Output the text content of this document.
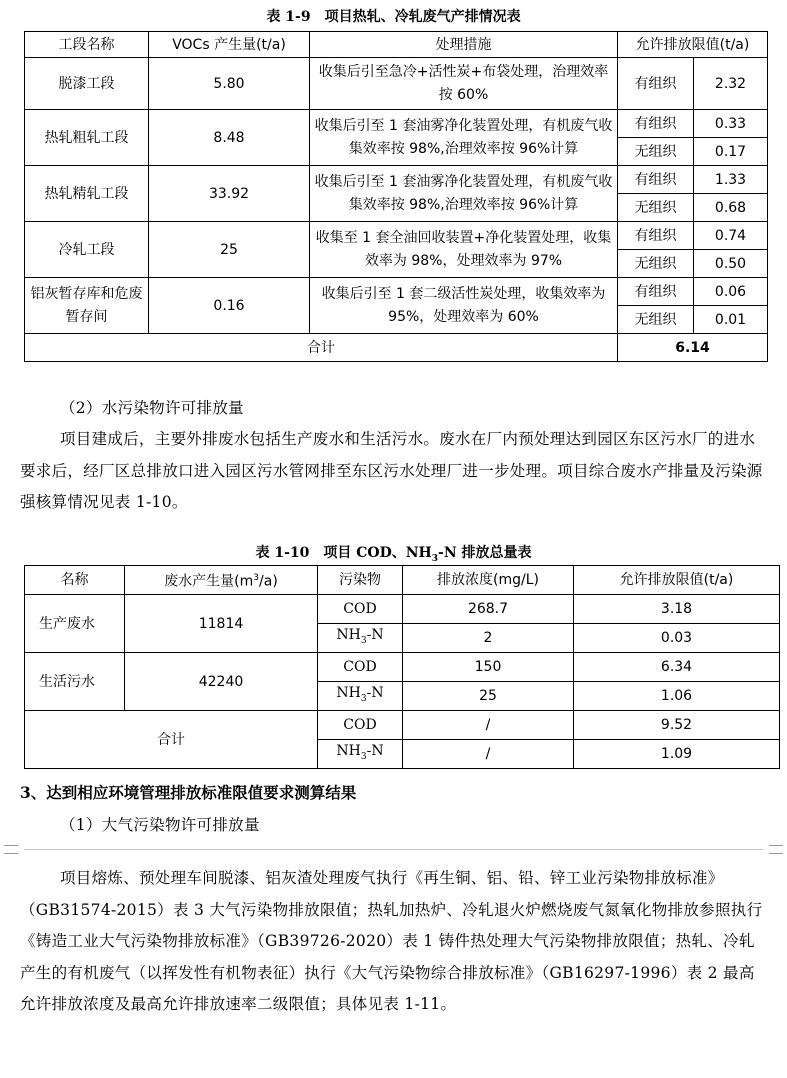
表 1-9　项目热轧、冷轧废气产排情况表
工段名称	VOCs 产生量(t/a)	处理措施	允许排放限值(t/a)	
脱漆工段	5.80	收集后引至急冷+活性炭+布袋处理，治理效率按 60%	有组织	2.32
热轧粗轧工段	8.48	收集后引至 1 套油雾净化装置处理，有机废气收集效率按 98%,治理效率按 96%计算	有组织	0.33
			无组织	0.17
热轧精轧工段	33.92	收集后引至 1 套油雾净化装置处理，有机废气收集效率按 98%,治理效率按 96%计算	有组织	1.33
			无组织	0.68
冷轧工段	25	收集至 1 套全油回收装置+净化装置处理，收集效率为 98%，处理效率为 97%	有组织	0.74
			无组织	0.50
铝灰暂存库和危废暂存间	0.16	收集后引至 1 套二级活性炭处理，收集效率为 95%，处理效率为 60%	有组织	0.06
			无组织	0.01
合计			6.14	
（2）水污染物许可排放量
项目建成后，主要外排废水包括生产废水和生活污水。废水在厂内预处理达到园区东区污水厂的进水要求后，经厂区总排放口进入园区污水管网排至东区污水处理厂进一步处理。项目综合废水产排量及污染源强核算情况见表 1-10。
表 1-10　项目 COD、$NH_3-N$ 排放总量表
名称	废水产生量$(m^3/a)$	污染物	排放浓度(mg/L)	允许排放限值(t/a)
生产废水	11814	COD	268.7	3.18
		$NH_3-N$	2	0.03
生活污水	42240	COD	150	6.34
		$NH_3-N$	25	1.06
合计		COD	/	9.52
		$NH_3-N$	/	1.09
3、达到相应环境管理排放标准限值要求测算结果
（1）大气污染物许可排放量
项目熔炼、预处理车间脱漆、铝灰渣处理废气执行《再生铜、铝、铅、锌工业污染物排放标准》（GB31574-2015）表 3 大气污染物排放限值；热轧加热炉、冷轧退火炉燃烧废气氮氧化物排放参照执行《铸造工业大气污染物排放标准》（GB39726-2020）表 1 铸件热处理大气污染物排放限值；热轧、冷轧产生的有机废气（以挥发性有机物表征）执行《大气污染物综合排放标准》（GB16297-1996）表 2 最高允许排放浓度及最高允许排放速率二级限值；具体见表 1-11。
